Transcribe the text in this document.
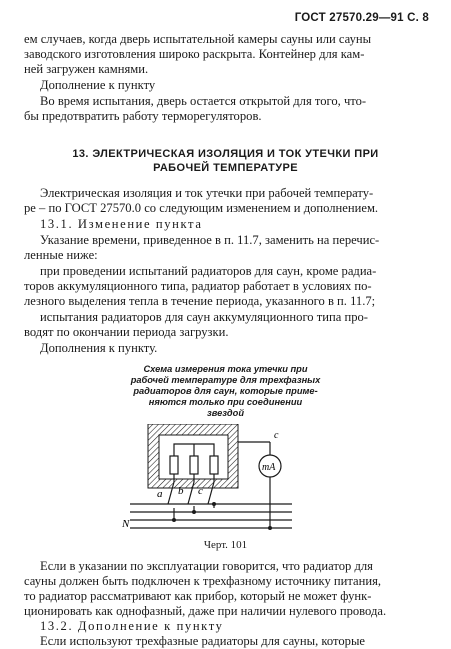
ГОСТ 27570.29—91 С. 8
ем случаев, когда дверь испытательной камеры сауны или сауны
заводского изготовления широко раскрыта. Контейнер для кам-
ней загружен камнями.
Дополнение к пункту
Во время испытания, дверь остается открытой для того, что-
бы предотвратить работу терморегуляторов.
13. ЭЛЕКТРИЧЕСКАЯ ИЗОЛЯЦИЯ И ТОК УТЕЧКИ ПРИ
РАБОЧЕЙ ТЕМПЕРАТУРЕ
Электрическая изоляция и ток утечки при рабочей температу-
ре – по ГОСТ 27570.0 со следующим изменением и дополнением.
13.1. Изменение пункта
Указание времени, приведенное в п. 11.7, заменить на перечис-
ленные ниже:
при проведении испытаний радиаторов для саун, кроме радиа-
торов аккумуляционного типа, радиатор работает в условиях по-
лезного выделения тепла в течение периода, указанного в п. 11.7;
испытания радиаторов для саун аккумуляционного типа про-
водят по окончании периода загрузки.
Дополнения к пункту.
Схема измерения тока утечки при
рабочей температуре для трехфазных
радиаторов для саун, которые приме-
няются только при соединении
звездой
mA
c
a b c
N
Черт. 101
Если в указании по эксплуатации говорится, что радиатор для
сауны должен быть подключен к трехфазному источнику питания,
то радиатор рассматривают как прибор, который не может функ-
ционировать как однофазный, даже при наличии нулевого провода.
13.2. Дополнение к пункту
Если используют трехфазные радиаторы для сауны, которые
